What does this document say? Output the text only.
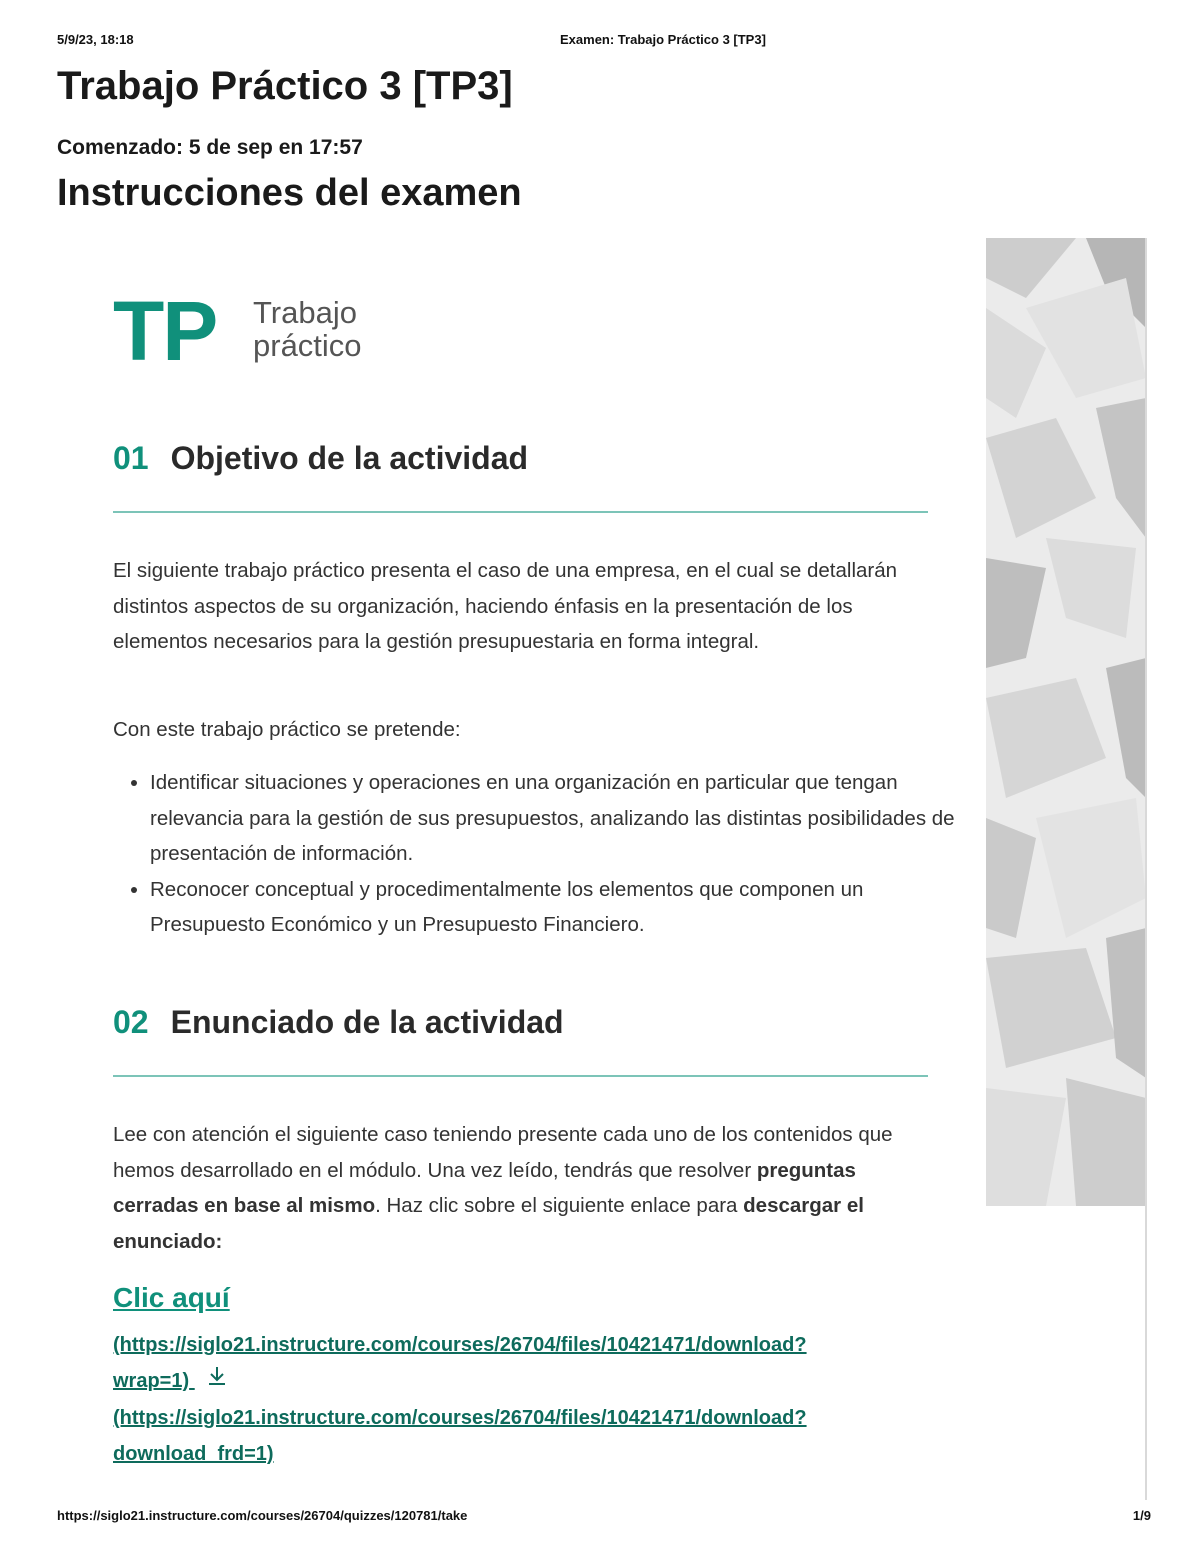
5/9/23, 18:18	Examen: Trabajo Práctico 3 [TP3]
Trabajo Práctico 3 [TP3]
Comenzado: 5 de sep en 17:57
Instrucciones del examen
TP Trabajo
práctico
01 Objetivo de la actividad

El siguiente trabajo práctico presenta el caso de una empresa, en el cual se detallarán distintos aspectos de su organización, haciendo énfasis en la presentación de los elementos necesarios para la gestión presupuestaria en forma integral.

Con este trabajo práctico se pretende:

• Identificar situaciones y operaciones en una organización en particular que tengan relevancia para la gestión de sus presupuestos, analizando las distintas posibilidades de presentación de información.
• Reconocer conceptual y procedimentalmente los elementos que componen un Presupuesto Económico y un Presupuesto Financiero.
02 Enunciado de la actividad

Lee con atención el siguiente caso teniendo presente cada uno de los contenidos que hemos desarrollado en el módulo. Una vez leído, tendrás que resolver preguntas cerradas en base al mismo. Haz clic sobre el siguiente enlace para descargar el enunciado:

Clic aquí
(https://siglo21.instructure.com/courses/26704/files/10421471/download?
wrap=1)
(https://siglo21.instructure.com/courses/26704/files/10421471/download?
download_frd=1)
https://siglo21.instructure.com/courses/26704/quizzes/120781/take	1/9
